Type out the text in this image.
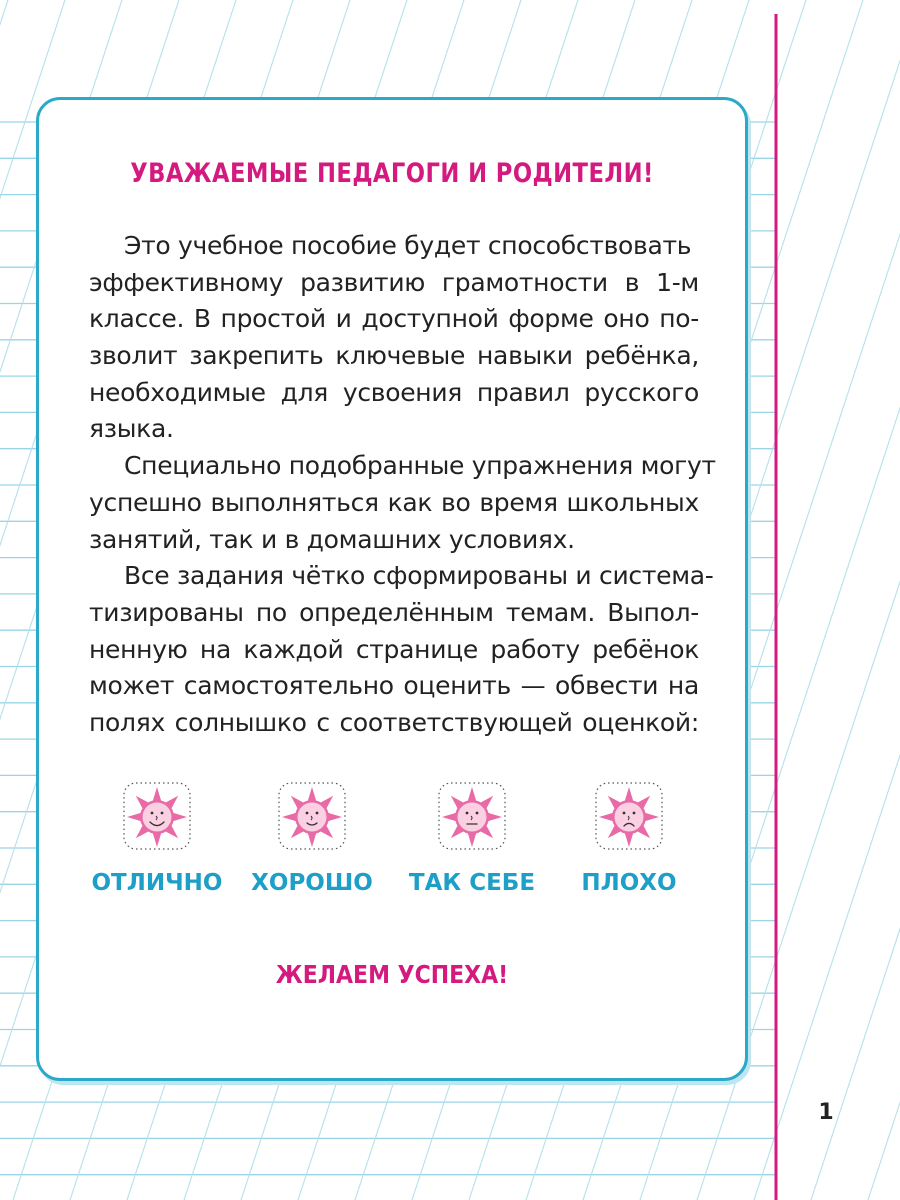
УВАЖАЕМЫЕ ПЕДАГОГИ И РОДИТЕЛИ!
Это учебное пособие будет способствовать
эффективному развитию грамотности в 1-м
классе. В простой и доступной форме оно по-
зволит закрепить ключевые навыки ребёнка,
необходимые для усвоения правил русского
языка.
Специально подобранные упражнения могут
успешно выполняться как во время школьных
занятий, так и в домашних условиях.
Все задания чётко сформированы и система-
тизированы по определённым темам. Выпол-
ненную на каждой странице работу ребёнок
может самостоятельно оценить — обвести на
полях солнышко с соответствующей оценкой:
ОТЛИЧНО	ХОРОШО	ТАК СЕБЕ	ПЛОХО
ЖЕЛАЕМ УСПЕХА!
1
